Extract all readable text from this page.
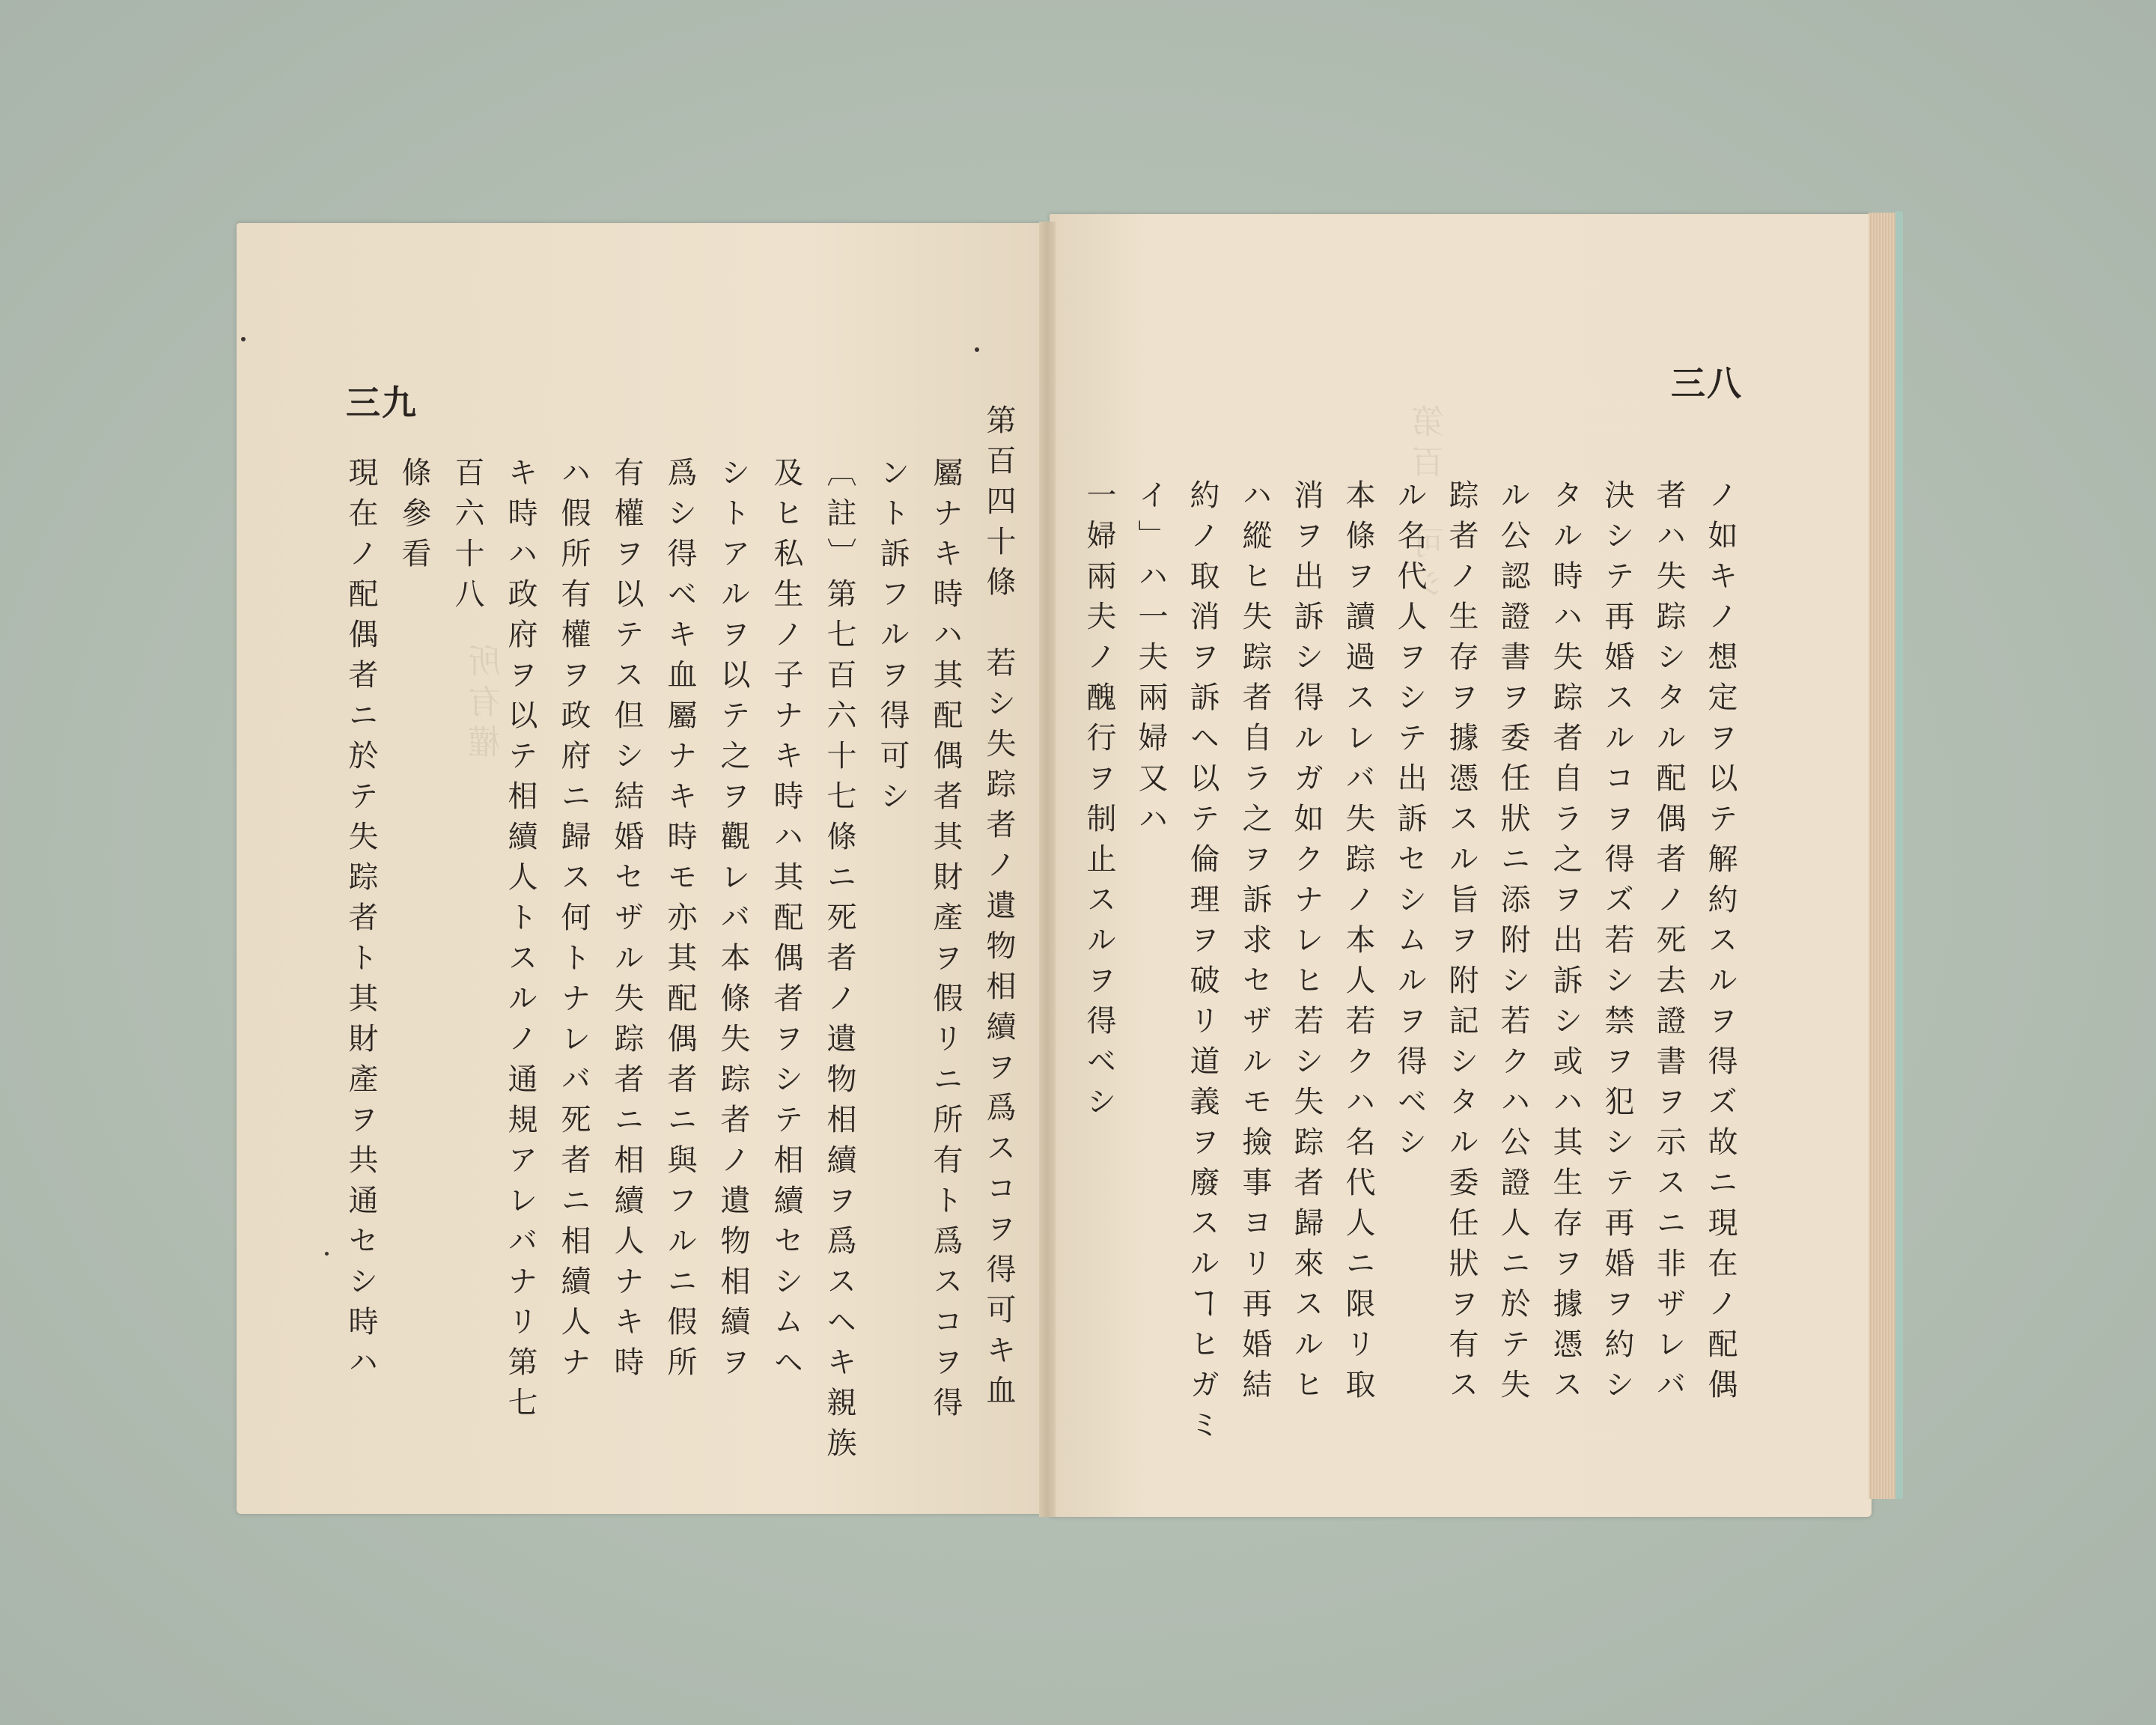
第百　可シ
所有權
三九	三八
第百四十條　若シ失踪者ノ遺物相續ヲ爲スコヲ得可キ血
屬ナキ時ハ其配偶者其財產ヲ假リニ所有ト爲スコヲ得
ント訴フルヲ得可シ
〔註〕第七百六十七條ニ死者ノ遺物相續ヲ爲スヘキ親族
及ヒ私生ノ子ナキ時ハ其配偶者ヲシテ相續セシムヘ
シトアルヲ以テ之ヲ觀レバ本條失踪者ノ遺物相續ヲ
爲シ得ベキ血屬ナキ時モ亦其配偶者ニ與フルニ假所
有權ヲ以テス但シ結婚セザル失踪者ニ相續人ナキ時
ハ假所有權ヲ政府ニ歸ス何トナレバ死者ニ相續人ナ
キ時ハ政府ヲ以テ相續人トスルノ通規アレバナリ第七
百六十八
條參看
現在ノ配偶者ニ於テ失踪者ト其財產ヲ共通セシ時ハ	ノ如キノ想定ヲ以テ解約スルヲ得ズ故ニ現在ノ配偶
者ハ失踪シタル配偶者ノ死去證書ヲ示スニ非ザレバ
決シテ再婚スルコヲ得ズ若シ禁ヲ犯シテ再婚ヲ約シ
タル時ハ失踪者自ラ之ヲ出訴シ或ハ其生存ヲ據憑ス
ル公認證書ヲ委任狀ニ添附シ若クハ公證人ニ於テ失
踪者ノ生存ヲ據憑スル旨ヲ附記シタル委任狀ヲ有ス
ル名代人ヲシテ出訴セシムルヲ得ベシ
本條ヲ讀過スレバ失踪ノ本人若クハ名代人ニ限リ取
消ヲ出訴シ得ルガ如クナレヒ若シ失踪者歸來スルヒ
ハ縱ヒ失踪者自ラ之ヲ訴求セザルモ撿事ヨリ再婚結
約ノ取消ヲ訴ヘ以テ倫理ヲ破リ道義ヲ廢スルヿヒガミ
イ」ハ一夫兩婦又ハ
一婦兩夫ノ醜行ヲ制止スルヲ得ベシ
